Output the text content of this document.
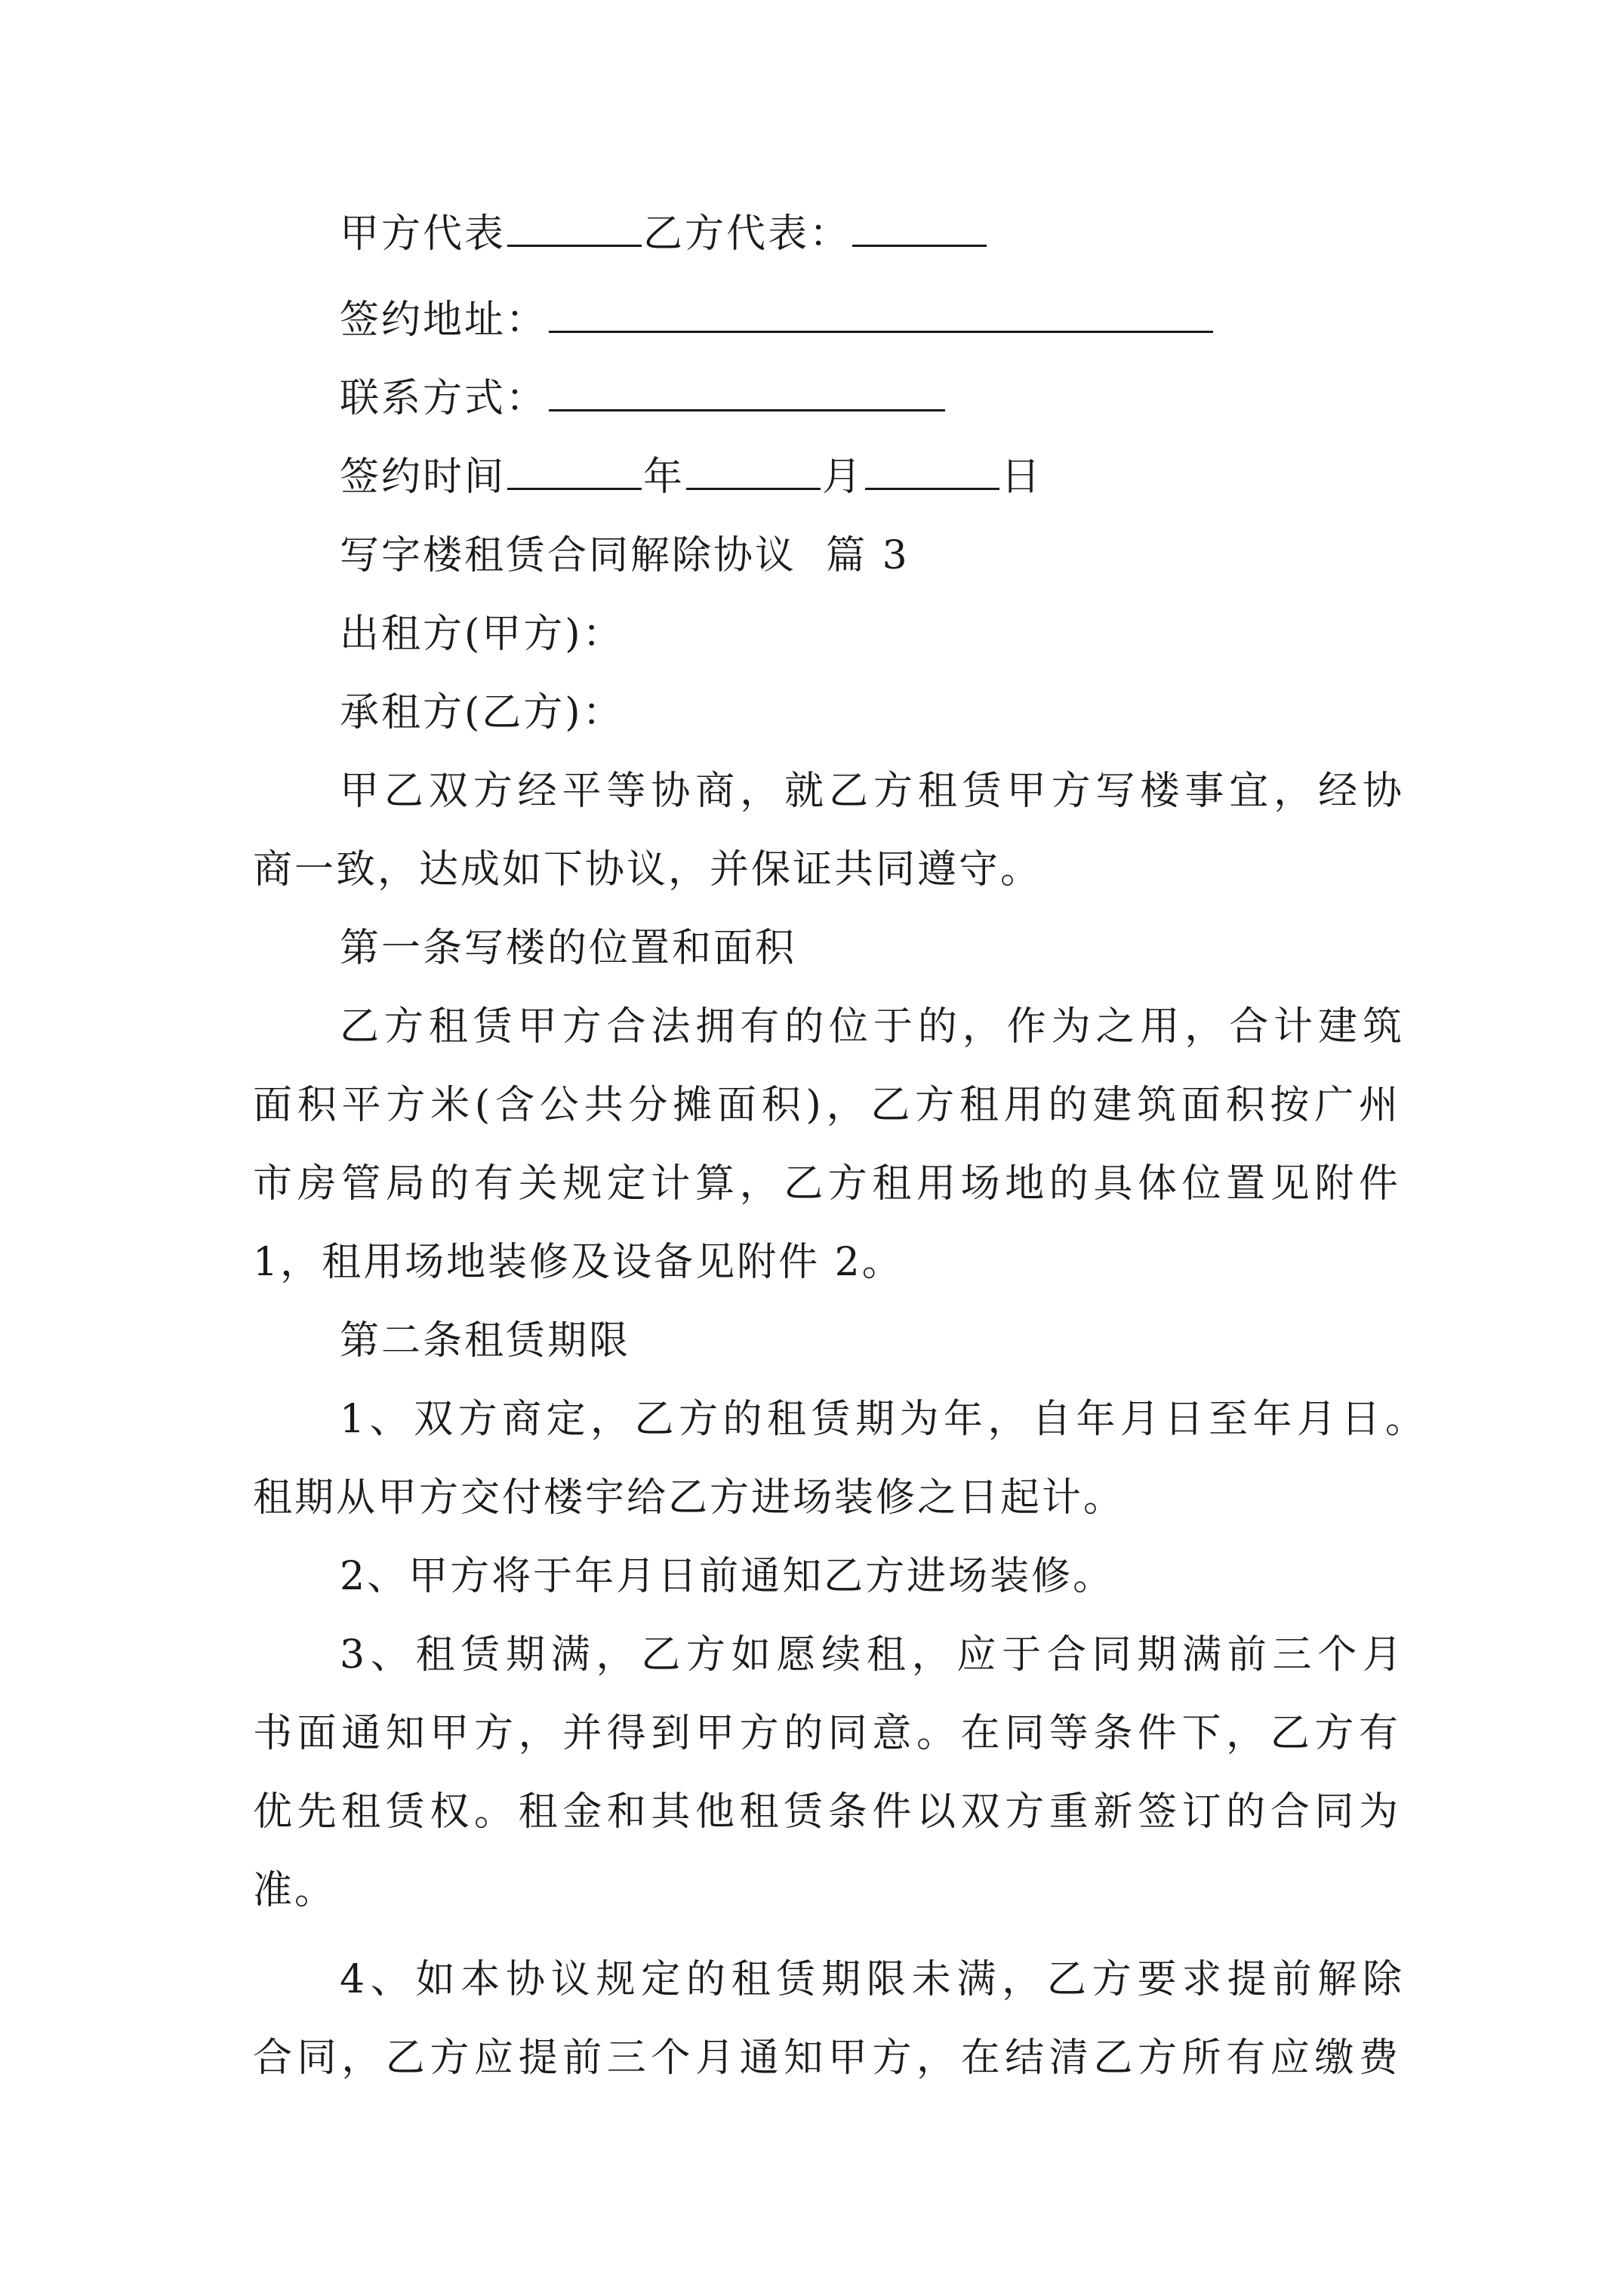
甲方代表	乙方代表：
签约地址：
联系方式：
签约时间	年	月	日
写字楼租赁合同解除协议 篇 3
出租方(甲方)：
承租方(乙方)：
甲乙双方经平等协商，就乙方租赁甲方写楼事宜，经协
商一致，达成如下协议，并保证共同遵守。
第一条写楼的位置和面积
乙方租赁甲方合法拥有的位于的，作为之用，合计建筑
面积平方米(含公共分摊面积)，乙方租用的建筑面积按广州
市房管局的有关规定计算，乙方租用场地的具体位置见附件
1，租用场地装修及设备见附件 2。
第二条租赁期限
1、双方商定，乙方的租赁期为年，自年月日至年月日。
租期从甲方交付楼宇给乙方进场装修之日起计。
2、甲方将于年月日前通知乙方进场装修。
3、租赁期满，乙方如愿续租，应于合同期满前三个月
书面通知甲方，并得到甲方的同意。在同等条件下，乙方有
优先租赁权。租金和其他租赁条件以双方重新签订的合同为
准。
4、如本协议规定的租赁期限未满，乙方要求提前解除
合同，乙方应提前三个月通知甲方，在结清乙方所有应缴费
